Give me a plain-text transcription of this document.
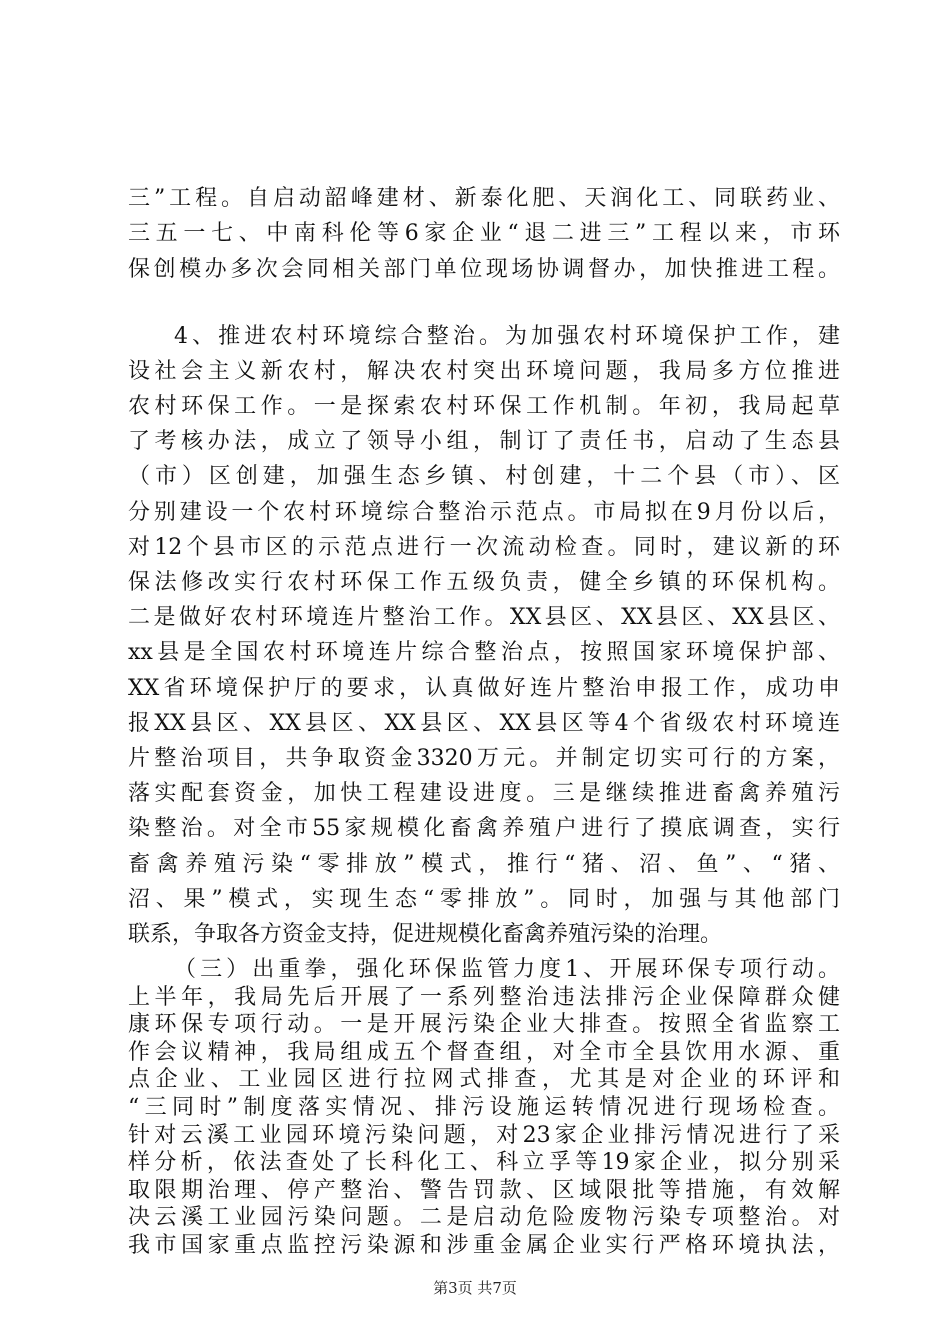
三”工程。自启动韶峰建材、新泰化肥、天润化工、同联药业、
三五一七、中南科伦等6家企业“退二进三”工程以来，市环
保创模办多次会同相关部门单位现场协调督办，加快推进工程。
4、推进农村环境综合整治。为加强农村环境保护工作，建
设社会主义新农村，解决农村突出环境问题，我局多方位推进
农村环保工作。一是探索农村环保工作机制。年初，我局起草
了考核办法，成立了领导小组，制订了责任书，启动了生态县
（市）区创建，加强生态乡镇、村创建，十二个县（市）、区
分别建设一个农村环境综合整治示范点。市局拟在9月份以后，
对12个县市区的示范点进行一次流动检查。同时，建议新的环
保法修改实行农村环保工作五级负责，健全乡镇的环保机构。
二是做好农村环境连片整治工作。XX县区、XX县区、XX县区、
xx县是全国农村环境连片综合整治点，按照国家环境保护部、
XX省环境保护厅的要求，认真做好连片整治申报工作，成功申
报XX县区、XX县区、XX县区、XX县区等4个省级农村环境连
片整治项目，共争取资金3320万元。并制定切实可行的方案，
落实配套资金，加快工程建设进度。三是继续推进畜禽养殖污
染整治。对全市55家规模化畜禽养殖户进行了摸底调查，实行
畜禽养殖污染“零排放”模式，推行“猪、沼、鱼”、“猪、
沼、果”模式，实现生态“零排放”。同时，加强与其他部门
联系，争取各方资金支持，促进规模化畜禽养殖污染的治理。
（三）出重拳，强化环保监管力度1、开展环保专项行动。
上半年，我局先后开展了一系列整治违法排污企业保障群众健
康环保专项行动。一是开展污染企业大排查。按照全省监察工
作会议精神，我局组成五个督查组，对全市全县饮用水源、重
点企业、工业园区进行拉网式排查，尤其是对企业的环评和
“三同时”制度落实情况、排污设施运转情况进行现场检查。
针对云溪工业园环境污染问题，对23家企业排污情况进行了采
样分析，依法查处了长科化工、科立孚等19家企业，拟分别采
取限期治理、停产整治、警告罚款、区域限批等措施，有效解
决云溪工业园污染问题。二是启动危险废物污染专项整治。对
我市国家重点监控污染源和涉重金属企业实行严格环境执法，
第3页 共7页
